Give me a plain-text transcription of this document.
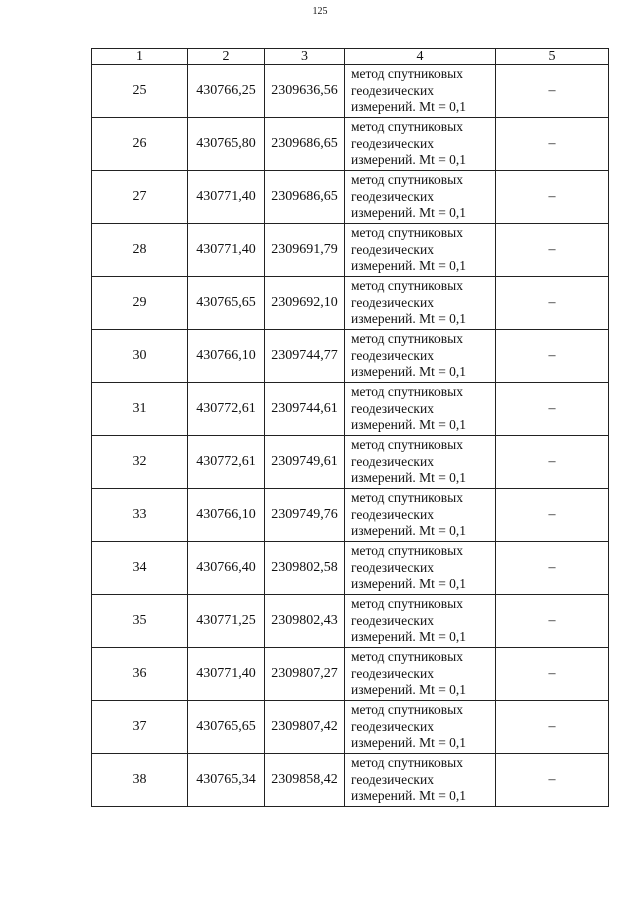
125
1	2	3	4	5
25	430766,25	2309636,56	метод спутниковых
геодезических
измерений. Mt = 0,1	–
26	430765,80	2309686,65	метод спутниковых
геодезических
измерений. Mt = 0,1	–
27	430771,40	2309686,65	метод спутниковых
геодезических
измерений. Mt = 0,1	–
28	430771,40	2309691,79	метод спутниковых
геодезических
измерений. Mt = 0,1	–
29	430765,65	2309692,10	метод спутниковых
геодезических
измерений. Mt = 0,1	–
30	430766,10	2309744,77	метод спутниковых
геодезических
измерений. Mt = 0,1	–
31	430772,61	2309744,61	метод спутниковых
геодезических
измерений. Mt = 0,1	–
32	430772,61	2309749,61	метод спутниковых
геодезических
измерений. Mt = 0,1	–
33	430766,10	2309749,76	метод спутниковых
геодезических
измерений. Mt = 0,1	–
34	430766,40	2309802,58	метод спутниковых
геодезических
измерений. Mt = 0,1	–
35	430771,25	2309802,43	метод спутниковых
геодезических
измерений. Mt = 0,1	–
36	430771,40	2309807,27	метод спутниковых
геодезических
измерений. Mt = 0,1	–
37	430765,65	2309807,42	метод спутниковых
геодезических
измерений. Mt = 0,1	–
38	430765,34	2309858,42	метод спутниковых
геодезических
измерений. Mt = 0,1	–
